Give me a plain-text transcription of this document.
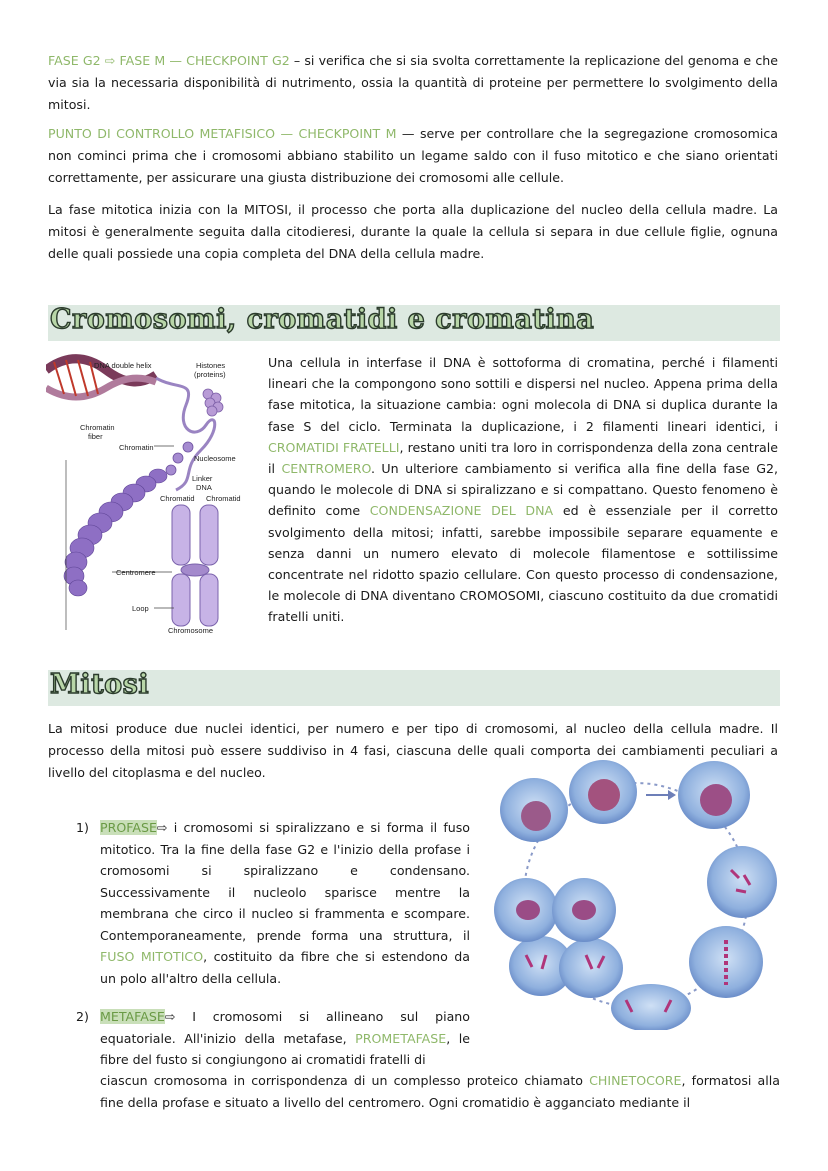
FASE G2 ⇨ FASE M — CHECKPOINT G2 – si verifica che si sia svolta correttamente la replicazione del genoma e che via sia la necessaria disponibilità di nutrimento, ossia la quantità di proteine per permettere lo svolgimento della mitosi.

PUNTO DI CONTROLLO METAFISICO — CHECKPOINT M — serve per controllare che la segregazione cromosomica non cominci prima che i cromosomi abbiano stabilito un legame saldo con il fuso mitotico e che siano orientati correttamente, per assicurare una giusta distribuzione dei cromosomi alle cellule.

La fase mitotica inizia con la MITOSI, il processo che porta alla duplicazione del nucleo della cellula madre. La mitosi è generalmente seguita dalla citodieresi, durante la quale la cellula si separa in due cellule figlie, ognuna delle quali possiede una copia completa del DNA della cellula madre.

Cromosomi, cromatidi e cromatina
DNA double helix	Histones
(proteins)
Chromatin
fiber
Chromatin
Nucleosome
Linker
DNA
Chromatid Chromatid
Centromere
Loop
Chromosome

Una cellula in interfase il DNA è sottoforma di cromatina, perché i filamenti lineari che la compongono sono sottili e dispersi nel nucleo. Appena prima della fase mitotica, la situazione cambia: ogni molecola di DNA si duplica durante la fase S del ciclo. Terminata la duplicazione, i 2 filamenti lineari identici, i CROMATIDI FRATELLI, restano uniti tra loro in corrispondenza della zona centrale il CENTROMERO. Un ulteriore cambiamento si verifica alla fine della fase G2, quando le molecole di DNA si spiralizzano e si compattano. Questo fenomeno è definito come CONDENSAZIONE DEL DNA ed è essenziale per il corretto svolgimento della mitosi; infatti, sarebbe impossibile separare equamente e senza danni un numero elevato di molecole filamentose e sottilissime concentrate nel ridotto spazio cellulare. Con questo processo di condensazione, le molecole di DNA diventano CROMOSOMI, ciascuno costituito da due cromatidi fratelli uniti.

Mitosi

La mitosi produce due nuclei identici, per numero e per tipo di cromosomi, al nucleo della cellula madre. Il processo della mitosi può essere suddiviso in 4 fasi, ciascuna delle quali comporta dei cambiamenti peculiari a livello del citoplasma e del nucleo.

1) PROFASE⇨ i cromosomi si spiralizzano e si forma il fuso mitotico. Tra la fine della fase G2 e l'inizio della profase i cromosomi si spiralizzano e condensano. Successivamente il nucleolo sparisce mentre la membrana che circo il nucleo si frammenta e scompare. Contemporaneamente, prende forma una struttura, il FUSO MITOTICO, costituito da fibre che si estendono da un polo all'altro della cellula.

2) METAFASE⇨ I cromosomi si allineano sul piano equatoriale. All'inizio della metafase, PROMETAFASE, le fibre del fusto si congiungono ai cromatidi fratelli di

ciascun cromosoma in corrispondenza di un complesso proteico chiamato CHINETOCORE, formatosi alla fine della profase e situato a livello del centromero. Ogni cromatidio è agganciato mediante il
